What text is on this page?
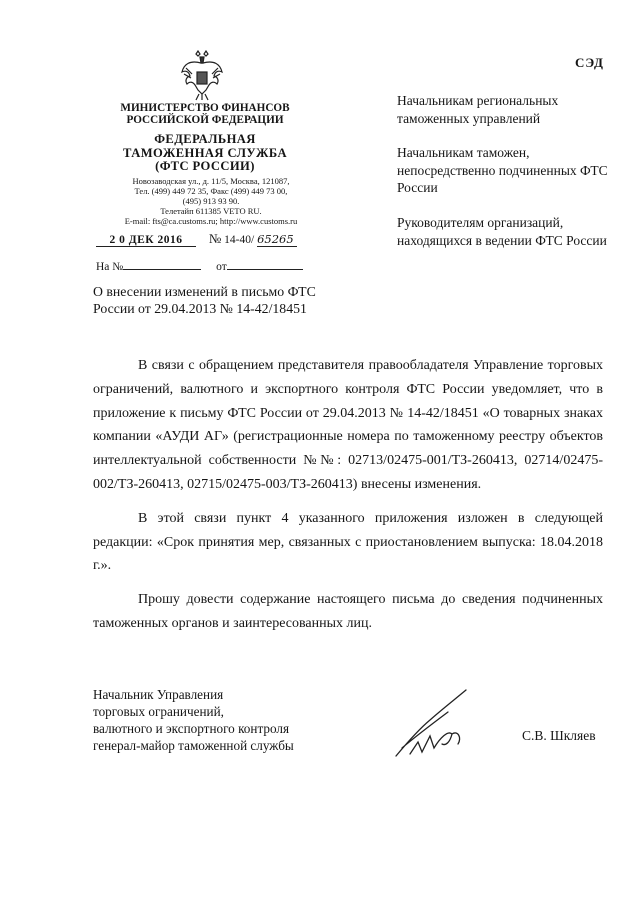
СЭД
МИНИСТЕРСТВО ФИНАНСОВ
РОССИЙСКОЙ ФЕДЕРАЦИИ
ФЕДЕРАЛЬНАЯ
ТАМОЖЕННАЯ СЛУЖБА
(ФТС РОССИИ)
Новозаводская ул., д. 11/5, Москва, 121087,
Тел. (499) 449 72 35, Факс (499) 449 73 00,
(495) 913 93 90.
Телетайп 611385 VETO RU.
E-mail: fts@ca.customs.ru; http://www.customs.ru
2 0 ДЕК 2016 № 14-40/ 65265
На №	от
Начальникам региональных таможенных управлений
Начальникам таможен, непосредственно подчиненных ФТС России
Руководителям организаций, находящихся в ведении ФТС России
О внесении изменений в письмо ФТС России от 29.04.2013 № 14-42/18451

В связи с обращением представителя правообладателя Управление торговых ограничений, валютного и экспортного контроля ФТС России уведомляет, что в приложение к письму ФТС России от 29.04.2013 № 14-42/18451 «О товарных знаках компании «АУДИ АГ» (регистрационные номера по таможенному реестру объектов интеллектуальной собственности №№: 02713/02475-001/ТЗ-260413, 02714/02475-002/ТЗ-260413, 02715/02475-003/ТЗ-260413) внесены изменения.

В этой связи пункт 4 указанного приложения изложен в следующей редакции: «Срок принятия мер, связанных с приостановлением выпуска: 18.04.2018 г.».

Прошу довести содержание настоящего письма до сведения подчиненных таможенных органов и заинтересованных лиц.

Начальник Управления
торговых ограничений,
валютного и экспортного контроля
генерал-майор таможенной службы
С.В. Шкляев
